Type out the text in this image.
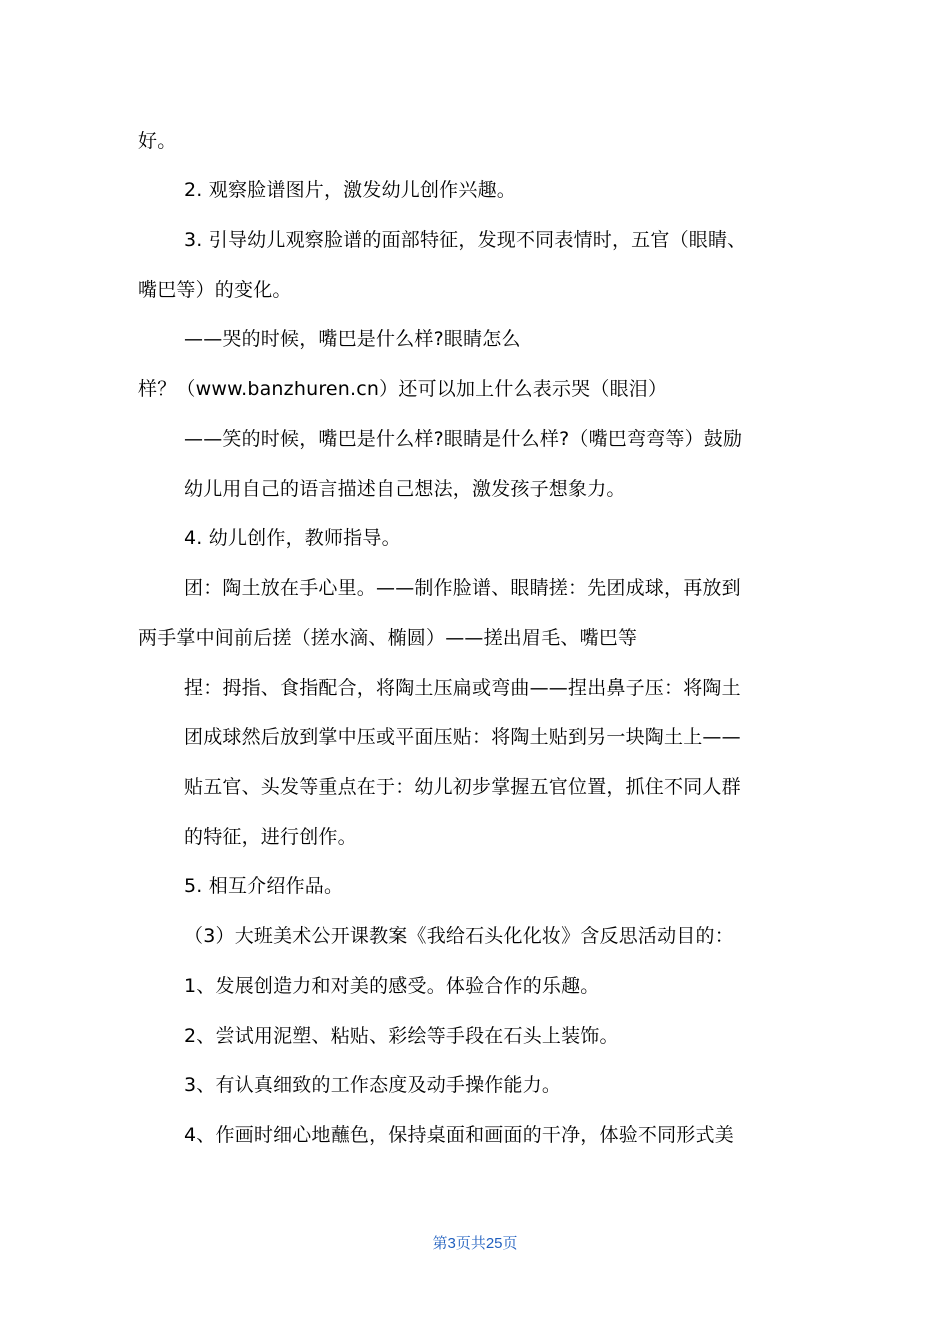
好。
2. 观察脸谱图片，激发幼儿创作兴趣。
3. 引导幼儿观察脸谱的面部特征，发现不同表情时，五官（眼睛、
嘴巴等）的变化。
——哭的时候，嘴巴是什么样?眼睛怎么
样？（www.banzhuren.cn）还可以加上什么表示哭（眼泪）
——笑的时候，嘴巴是什么样?眼睛是什么样?（嘴巴弯弯等）鼓励
幼儿用自己的语言描述自己想法，激发孩子想象力。
4. 幼儿创作，教师指导。
团：陶土放在手心里。——制作脸谱、眼睛搓：先团成球，再放到
两手掌中间前后搓（搓水滴、椭圆）——搓出眉毛、嘴巴等
捏：拇指、食指配合，将陶土压扁或弯曲——捏出鼻子压：将陶土
团成球然后放到掌中压或平面压贴：将陶土贴到另一块陶土上——
贴五官、头发等重点在于：幼儿初步掌握五官位置，抓住不同人群
的特征，进行创作。
5. 相互介绍作品。
（3）大班美术公开课教案《我给石头化化妆》含反思活动目的：
1、发展创造力和对美的感受。体验合作的乐趣。
2、尝试用泥塑、粘贴、彩绘等手段在石头上装饰。
3、有认真细致的工作态度及动手操作能力。
4、作画时细心地蘸色，保持桌面和画面的干净，体验不同形式美
第3页共25页
